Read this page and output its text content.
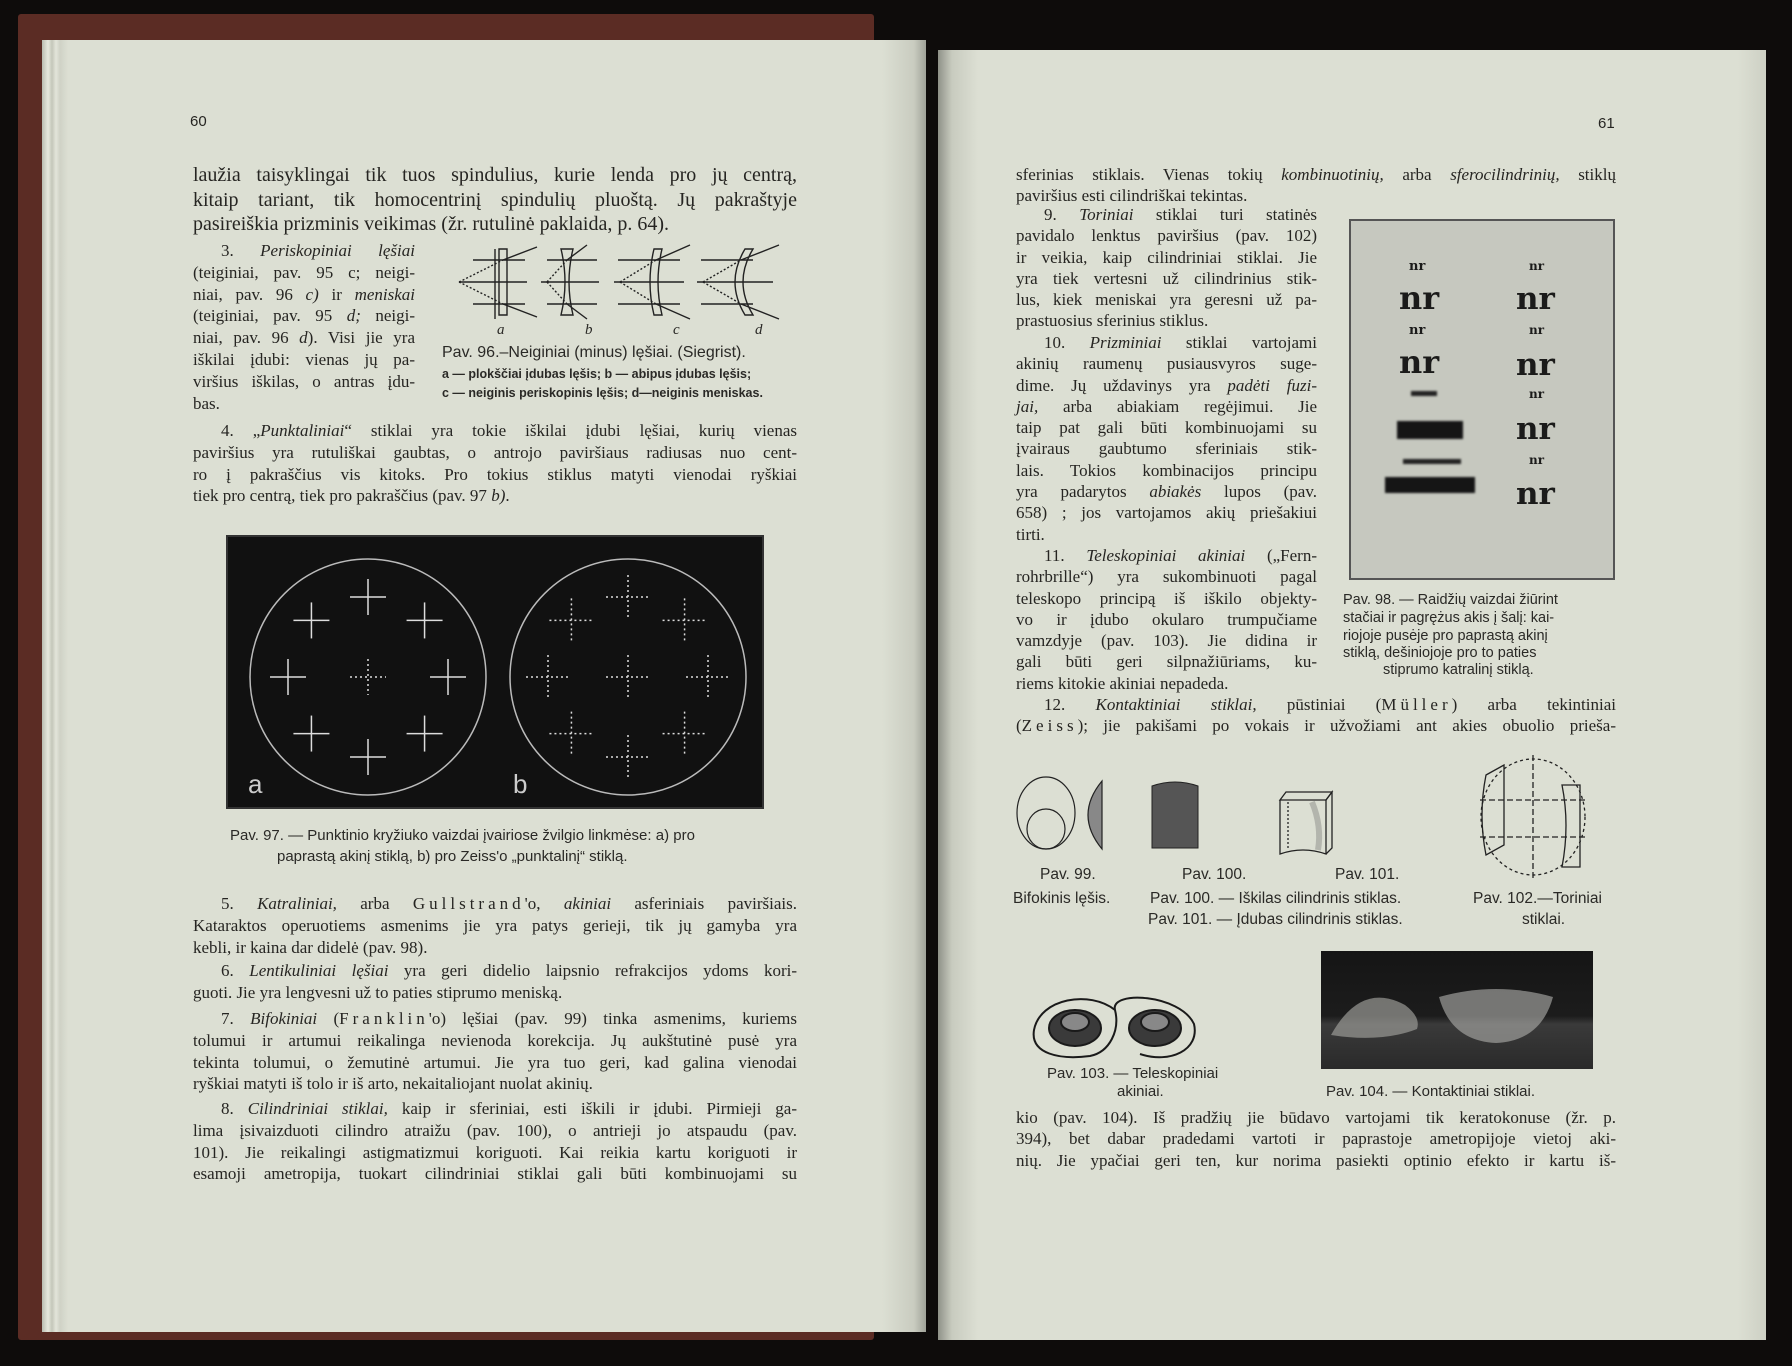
60
laužia taisyklingai tik tuos spindulius, kurie lenda pro jų centrą,
kitaip tariant, tik homocentrinį spindulių pluoštą. Jų pakraštyje
pasireiškia prizminis veikimas (žr. rutulinė paklaida, p. 64).
3. Periskopiniai lęšiai
(teiginiai, pav. 95 c; neigi-
niai, pav. 96 c) ir meniskai
(teiginiai, pav. 95 d; neigi-
niai, pav. 96 d). Visi jie yra
iškilai įdubi: vienas jų pa-
viršius iškilas, o antras įdu-
bas.
a	b	c	d
Pav. 96.–Neiginiai (minus) lęšiai. (Siegrist).
a — plokščiai įdubas lęšis; b — abipus įdubas lęšis;
c — neiginis periskopinis lęšis; d—neiginis meniskas.
4. „Punktaliniai“ stiklai yra tokie iškilai įdubi lęšiai, kurių vienas
paviršius yra rutuliškai gaubtas, o antrojo paviršiaus radiusas nuo cent-
ro į pakraščius vis kitoks. Pro tokius stiklus matyti vienodai ryškiai
tiek pro centrą, tiek pro pakraščius (pav. 97 b).
a	b
Pav. 97. — Punktinio kryžiuko vaizdai įvairiose žvilgio linkmėse: a) pro
paprastą akinį stiklą, b) pro Zeiss'o „punktalinį“ stiklą.
5. Katraliniai, arba Gullstrand'o, akiniai asferiniais paviršiais.
Kataraktos operuotiems asmenims jie yra patys gerieji, tik jų gamyba yra
kebli, ir kaina dar didelė (pav. 98).
6. Lentikuliniai lęšiai yra geri didelio laipsnio refrakcijos ydoms kori-
guoti. Jie yra lengvesni už to paties stiprumo meniską.
7. Bifokiniai (Franklin'o) lęšiai (pav. 99) tinka asmenims, kuriems
tolumui ir artumui reikalinga nevienoda korekcija. Jų aukštutinė pusė yra
tekinta tolumui, o žemutinė artumui. Jie yra tuo geri, kad galina vienodai
ryškiai matyti iš tolo ir iš arto, nekaitaliojant nuolat akinių.
8. Cilindriniai stiklai, kaip ir sferiniai, esti iškili ir įdubi. Pirmieji ga-
lima įsivaizduoti cilindro atraižu (pav. 100), o antrieji jo atspaudu (pav.
101). Jie reikalingi astigmatizmui koriguoti. Kai reikia kartu koriguoti ir
esamoji ametropija, tuokart cilindriniai stiklai gali būti kombinuojami su
61
sferinias stiklais. Vienas tokių kombinuotinių, arba sferocilindrinių, stiklų
paviršius esti cilindriškai tekintas.
9. Toriniai stiklai turi statinės
pavidalo lenktus paviršius (pav. 102)
ir veikia, kaip cilindriniai stiklai. Jie
yra tiek vertesni už cilindrinius stik-
lus, kiek meniskai yra geresni už pa-
prastuosius sferinius stiklus.
10. Prizminiai stiklai vartojami
akinių raumenų pusiausvyros suge-
dime. Jų uždavinys yra padėti fuzi-
jai, arba abiakiam regėjimui. Jie
taip pat gali būti kombinuojami su
įvairaus gaubtumo sferiniais stik-
lais. Tokios kombinacijos principu
yra padarytos abiakės lupos (pav.
658) ; jos vartojamos akių priešakiui
tirti.
11. Teleskopiniai akiniai („Fern-
rohrbrille“) yra sukombinuoti pagal
teleskopo principą iš iškilo objekty-
vo ir įdubo okularo trumpučiame
vamzdyje (pav. 103). Jie didina ir
gali būti geri silpnažiūriams, ku-
riems kitokie akiniai nepadeda.
12. Kontaktiniai stiklai, pūstiniai (Müller) arba tekintiniai
(Zeiss); jie pakišami po vokais ir užvožiami ant akies obuolio prieša-
nr
nr
nr
nr
nr
nr
nr
nr
nr
nr
nr
nr
Pav. 98. — Raidžių vaizdai žiūrint
stačiai ir pagrężus akis į šalį: kai-
riojoje pusėje pro paprastą akinį
stiklą, dešiniojoje pro to paties
stiprumo katralinį stiklą.
Pav. 99.
Bifokinis lęšis.
Pav. 100.	Pav. 101.
Pav. 100. — Iškilas cilindrinis stiklas.
Pav. 101. — Įdubas cilindrinis stiklas.
Pav. 102.—Toriniai
stiklai.
Pav. 103. — Teleskopiniai
akiniai.	Pav. 104. — Kontaktiniai stiklai.
kio (pav. 104). Iš pradžių jie būdavo vartojami tik keratokonuse (žr. p.
394), bet dabar pradedami vartoti ir paprastoje ametropijoje vietoj aki-
nių. Jie ypačiai geri ten, kur norima pasiekti optinio efekto ir kartu iš-
